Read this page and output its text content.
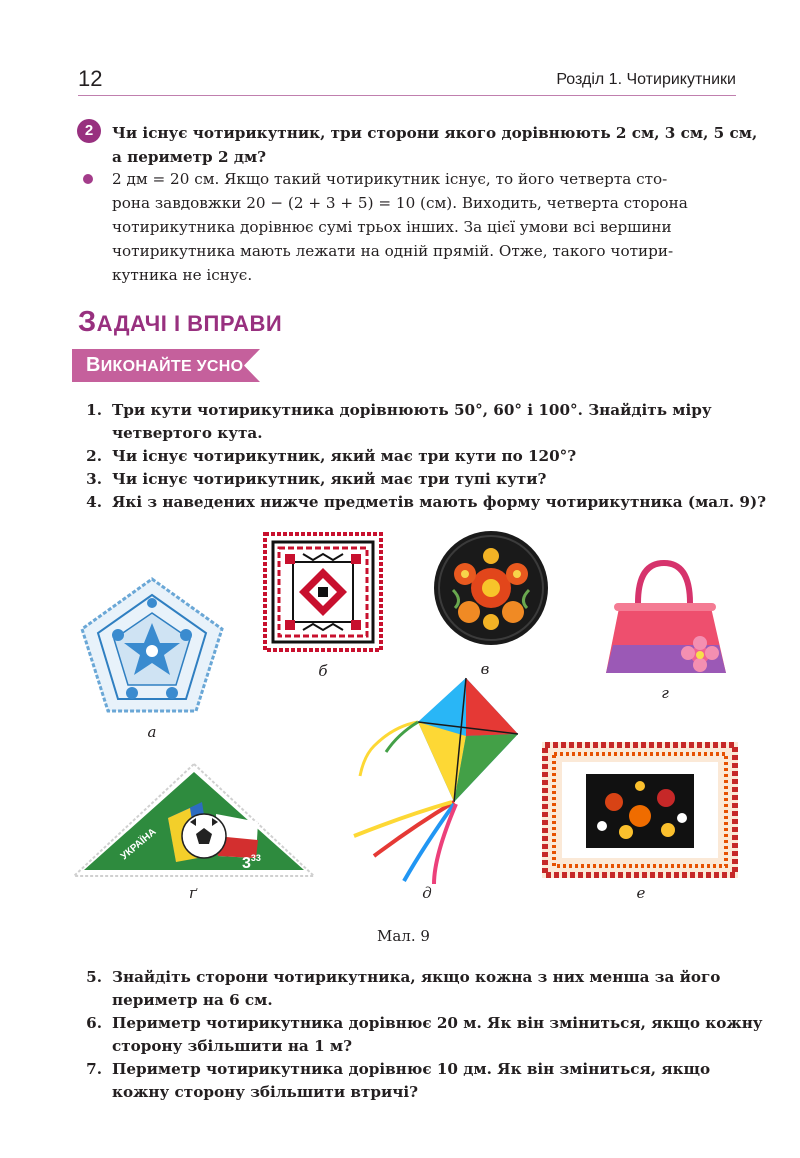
12	Розділ 1. Чотирикутники
2	Чи існує чотирикутник, три сторони якого дорівнюють 2 см, 3 см, 5 см,
а периметр 2 дм?
2 дм = 20 см. Якщо такий чотирикутник існує, то його четверта сто-
рона завдовжки 20 − (2 + 3 + 5) = 10 (см). Виходить, четверта сторона
чотирикутника дорівнює сумі трьох інших. За цієї умови всі вершини
чотирикутника мають лежати на одній прямій. Отже, такого чотири-
кутника не існує.
ЗАДАЧІ І ВПРАВИ
ВИКОНАЙТЕ УСНО
1. Три кути чотирикутника дорівнюють 50°, 60° і 100°. Знайдіть міру
четвертого кута.
2. Чи існує чотирикутник, який має три кути по 120°?
3. Чи існує чотирикутник, який має три тупі кути?
4. Які з наведених нижче предметів мають форму чотирикутника (мал. 9)?
а
б	в
г
УКРАЇНА
$3^{33}$
ґ	д	е
Мал. 9
5. Знайдіть сторони чотирикутника, якщо кожна з них менша за його
периметр на 6 см.
6. Периметр чотирикутника дорівнює 20 м. Як він зміниться, якщо кожну
сторону збільшити на 1 м?
7. Периметр чотирикутника дорівнює 10 дм. Як він зміниться, якщо
кожну сторону збільшити втричі?
